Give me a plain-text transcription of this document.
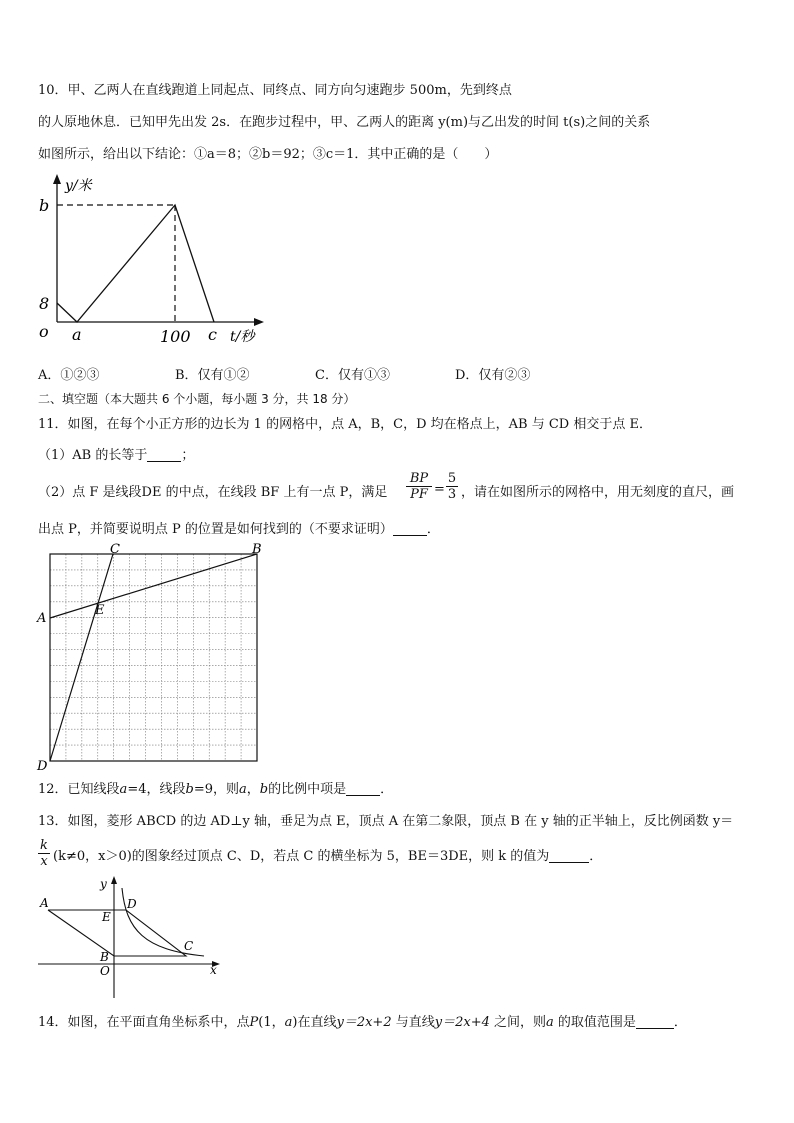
10．甲、乙两人在直线跑道上同起点、同终点、同方向匀速跑步 500m，先到终点
的人原地休息．已知甲先出发 2s．在跑步过程中，甲、乙两人的距离 y(m)与乙出发的时间 t(s)之间的关系
如图所示，给出以下结论：①a＝8；②b＝92；③c＝1．其中正确的是（　　）
y/米
b
8
o a	100 c t/秒
A．①②③	B．仅有①②	C．仅有①③	D．仅有②③
二、填空题（本大题共 6 个小题，每小题 3 分，共 18 分）
11．如图，在每个小正方形的边长为 1 的网格中，点 A，B，C，D 均在格点上，AB 与 CD 相交于点 E．
（1）AB 的长等于	；
（2）点 F 是线段DE 的中点，在线段 BF 上有一点 P，满足 $\frac{BP}{PF} = \frac{5}{3}$ ，请在如图所示的网格中，用无刻度的直尺，画
出点 P，并简要说明点 P 的位置是如何找到的（不要求证明）	．
C	B
A
E
D
12．已知线段a=4，线段b=9，则a，b的比例中项是	．
13．如图，菱形 ABCD 的边 AD⊥y 轴，垂足为点 E，顶点 A 在第二象限，顶点 B 在 y 轴的正半轴上，反比例函数 y＝
$\frac{k}{x} (k\ne 0$，x＞0)的图象经过顶点 C、D，若点 C 的横坐标为 5，BE＝3DE，则 k 的值为	．
y
A	D
E
C
B
O	x
14．如图，在平面直角坐标系中，点P(1，a)在直线y＝2x+2 与直线y＝2x+4 之间，则a 的取值范围是	．
